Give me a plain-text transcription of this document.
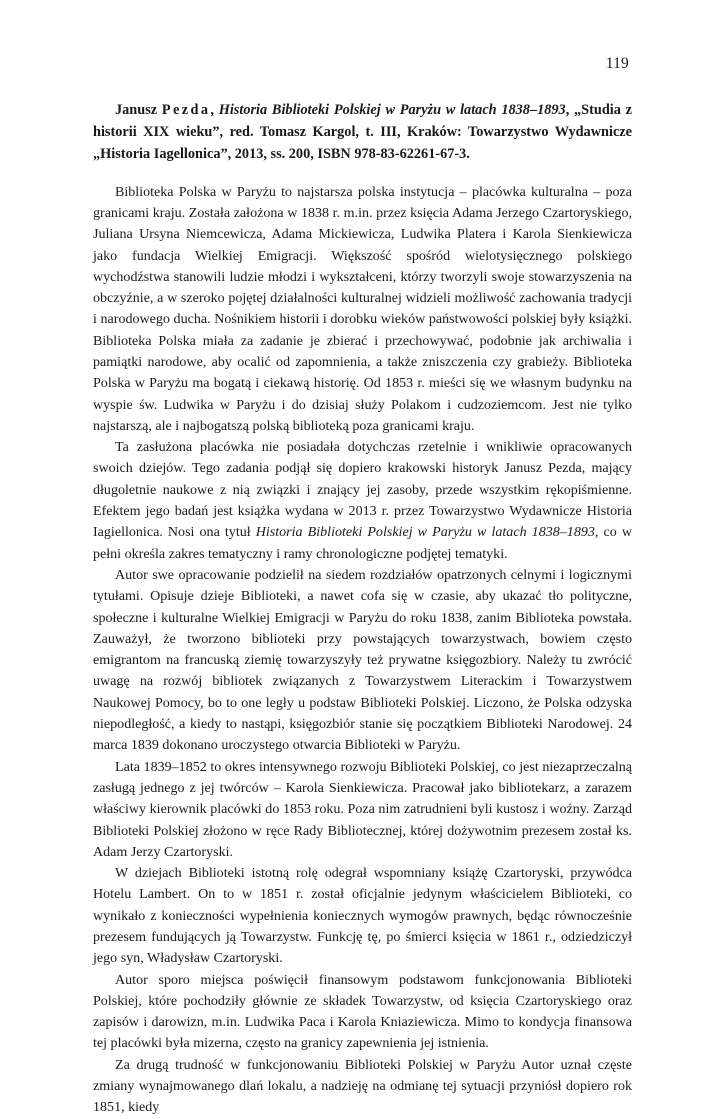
119

Janusz Pezda, Historia Biblioteki Polskiej w Paryżu w latach 1838–1893, „Studia z historii XIX wieku”, red. Tomasz Kargol, t. III, Kraków: Towarzystwo Wydawnicze „Historia Iagellonica”, 2013, ss. 200, ISBN 978-83-62261-67-3.

Biblioteka Polska w Paryżu to najstarsza polska instytucja – placówka kulturalna – poza granicami kraju. Została założona w 1838 r. m.in. przez księcia Adama Jerzego Czartoryskiego, Juliana Ursyna Niemcewicza, Adama Mickiewicza, Ludwika Platera i Karola Sienkiewicza jako fundacja Wielkiej Emigracji. Większość spośród wielotysięcznego polskiego wychodźstwa stanowili ludzie młodzi i wykształceni, którzy tworzyli swoje stowarzyszenia na obczyźnie, a w szeroko pojętej działalności kulturalnej widzieli możliwość zachowania tradycji i narodowego ducha. Nośnikiem historii i dorobku wieków państwowości polskiej były książki. Biblioteka Polska miała za zadanie je zbierać i przechowywać, podobnie jak archiwalia i pamiątki narodowe, aby ocalić od zapomnienia, a także zniszczenia czy grabieży. Biblioteka Polska w Paryżu ma bogatą i ciekawą historię. Od 1853 r. mieści się we własnym budynku na wyspie św. Ludwika w Paryżu i do dzisiaj służy Polakom i cudzoziemcom. Jest nie tylko najstarszą, ale i najbogatszą polską biblioteką poza granicami kraju.

Ta zasłużona placówka nie posiadała dotychczas rzetelnie i wnikliwie opracowanych swoich dziejów. Tego zadania podjął się dopiero krakowski historyk Janusz Pezda, mający długoletnie naukowe z nią związki i znający jej zasoby, przede wszystkim rękopiśmienne. Efektem jego badań jest książka wydana w 2013 r. przez Towarzystwo Wydawnicze Historia Iagiellonica. Nosi ona tytuł Historia Biblioteki Polskiej w Paryżu w latach 1838–1893, co w pełni określa zakres tematyczny i ramy chronologiczne podjętej tematyki.

Autor swe opracowanie podzielił na siedem rozdziałów opatrzonych celnymi i logicznymi tytułami. Opisuje dzieje Biblioteki, a nawet cofa się w czasie, aby ukazać tło polityczne, społeczne i kulturalne Wielkiej Emigracji w Paryżu do roku 1838, zanim Biblioteka powstała. Zauważył, że tworzono biblioteki przy powstających towarzystwach, bowiem często emigrantom na francuską ziemię towarzyszyły też prywatne księgozbiory. Należy tu zwrócić uwagę na rozwój bibliotek związanych z Towarzystwem Literackim i Towarzystwem Naukowej Pomocy, bo to one legły u podstaw Biblioteki Polskiej. Liczono, że Polska odzyska niepodległość, a kiedy to nastąpi, księgozbiór stanie się początkiem Biblioteki Narodowej. 24 marca 1839 dokonano uroczystego otwarcia Biblioteki w Paryżu.

Lata 1839–1852 to okres intensywnego rozwoju Biblioteki Polskiej, co jest niezaprzeczalną zasługą jednego z jej twórców – Karola Sienkiewicza. Pracował jako bibliotekarz, a zarazem właściwy kierownik placówki do 1853 roku. Poza nim zatrudnieni byli kustosz i woźny. Zarząd Biblioteki Polskiej złożono w ręce Rady Bibliotecznej, której dożywotnim prezesem został ks. Adam Jerzy Czartoryski.

W dziejach Biblioteki istotną rolę odegrał wspomniany książę Czartoryski, przywódca Hotelu Lambert. On to w 1851 r. został oficjalnie jedynym właścicielem Biblioteki, co wynikało z konieczności wypełnienia koniecznych wymogów prawnych, będąc równocześnie prezesem fundujących ją Towarzystw. Funkcję tę, po śmierci księcia w 1861 r., odziedziczył jego syn, Władysław Czartoryski.

Autor sporo miejsca poświęcił finansowym podstawom funkcjonowania Biblioteki Polskiej, które pochodziły głównie ze składek Towarzystw, od księcia Czartoryskiego oraz zapisów i darowizn, m.in. Ludwika Paca i Karola Kniaziewicza. Mimo to kondycja finansowa tej placówki była mizerna, często na granicy zapewnienia jej istnienia.

Za drugą trudność w funkcjonowaniu Biblioteki Polskiej w Paryżu Autor uznał częste zmiany wynajmowanego dlań lokalu, a nadzieję na odmianę tej sytuacji przyniósł dopiero rok 1851, kiedy
